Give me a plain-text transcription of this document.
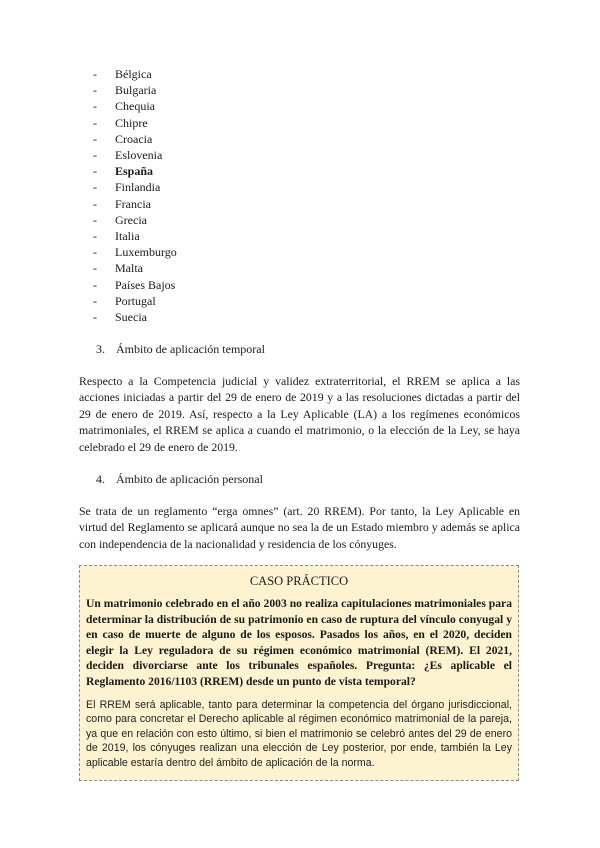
- Bélgica
- Bulgaria
- Chequia
- Chipre
- Croacia
- Eslovenia
- España
- Finlandia
- Francia
- Grecia
- Italia
- Luxemburgo
- Malta
- Países Bajos
- Portugal
- Suecia
3. Ámbito de aplicación temporal

Respecto a la Competencia judicial y validez extraterritorial, el RREM se aplica a las acciones iniciadas a partir del 29 de enero de 2019 y a las resoluciones dictadas a partir del 29 de enero de 2019. Así, respecto a la Ley Aplicable (LA) a los regímenes económicos matrimoniales, el RREM se aplica a cuando el matrimonio, o la elección de la Ley, se haya celebrado el 29 de enero de 2019.

4. Ámbito de aplicación personal

Se trata de un reglamento “erga omnes” (art. 20 RREM). Por tanto, la Ley Aplicable en virtud del Reglamento se aplicará aunque no sea la de un Estado miembro y además se aplica con independencia de la nacionalidad y residencia de los cónyuges.

CASO PRÁCTICO

Un matrimonio celebrado en el año 2003 no realiza capitulaciones matrimoniales para determinar la distribución de su patrimonio en caso de ruptura del vínculo conyugal y en caso de muerte de alguno de los esposos. Pasados los años, en el 2020, deciden elegir la Ley reguladora de su régimen económico matrimonial (REM). El 2021, deciden divorciarse ante los tribunales españoles. Pregunta: ¿Es aplicable el Reglamento 2016/1103 (RREM) desde un punto de vista temporal?

El RREM será aplicable, tanto para determinar la competencia del órgano jurisdiccional, como para concretar el Derecho aplicable al régimen económico matrimonial de la pareja, ya que en relación con esto último, si bien el matrimonio se celebró antes del 29 de enero de 2019, los cónyuges realizan una elección de Ley posterior, por ende, también la Ley aplicable estaría dentro del ámbito de aplicación de la norma.
